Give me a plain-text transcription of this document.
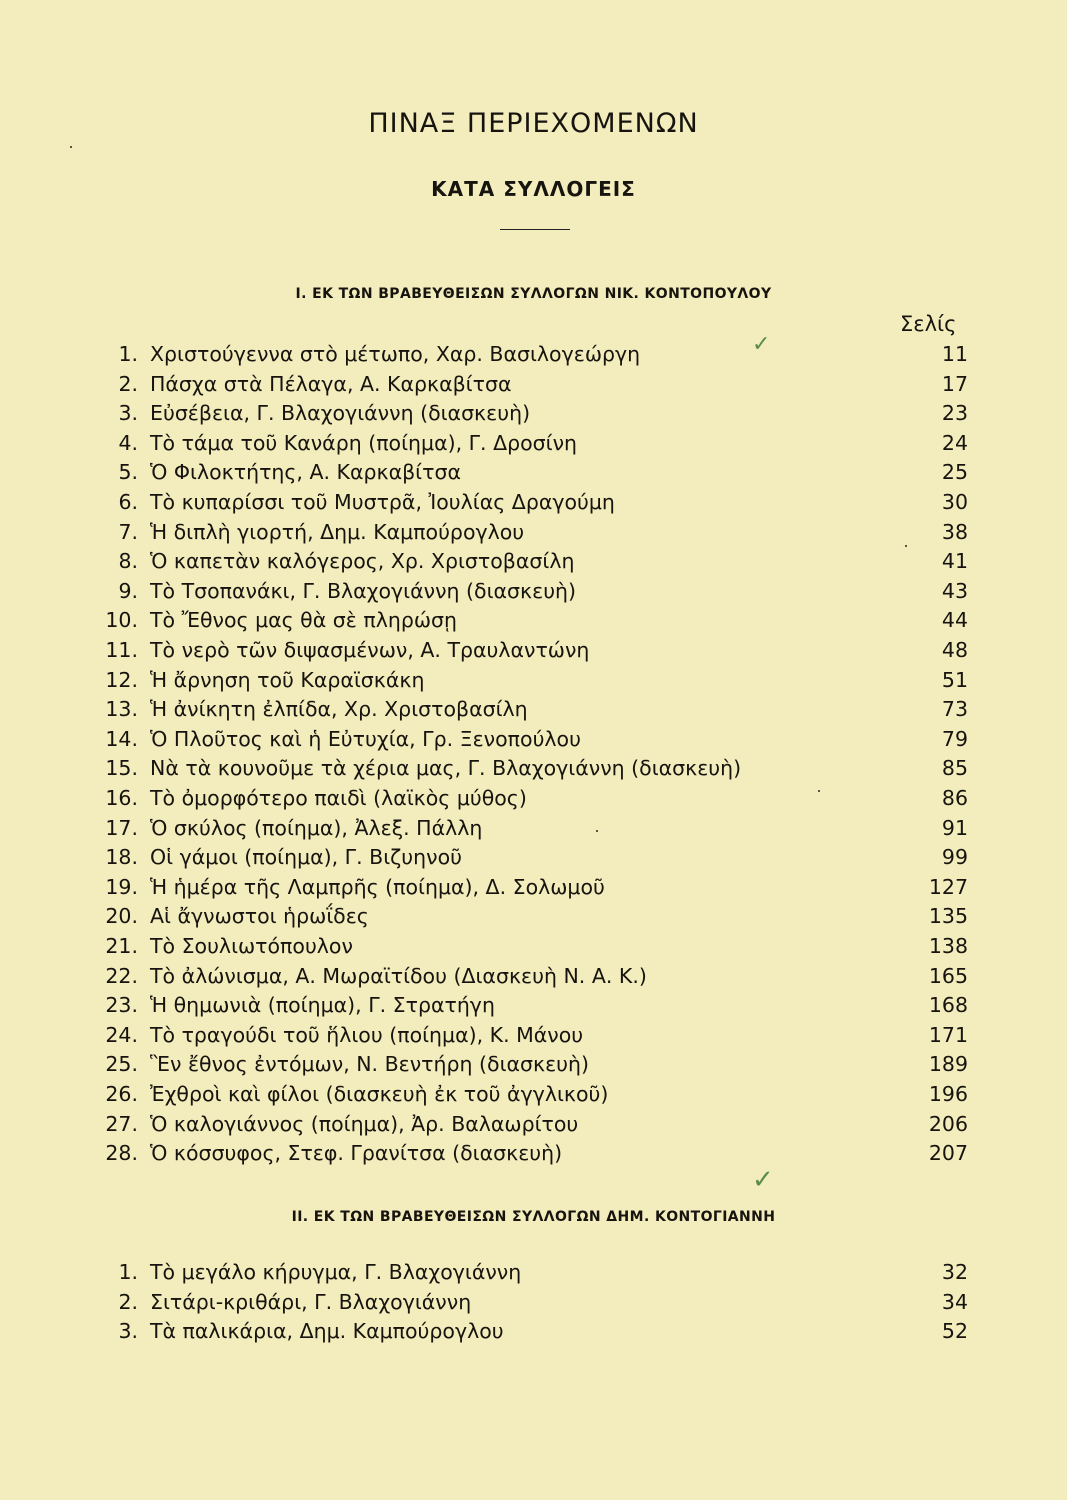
ΠΙΝΑΞ ΠΕΡΙΕΧΟΜΕΝΩΝ
ΚΑΤΑ ΣΥΛΛΟΓΕΙΣ
Ι. ΕΚ ΤΩΝ ΒΡΑΒΕΥΘΕΙΣΩΝ ΣΥΛΛΟΓΩΝ ΝΙΚ. ΚΟΝΤΟΠΟΥΛΟΥ
Σελίς
1. Χριστούγεννα στὸ μέτωπο, Χαρ. Βασιλογεώργη	11
2. Πάσχα στὰ Πέλαγα, Α. Καρκαβίτσα	17
3. Εὐσέβεια, Γ. Βλαχογιάννη (διασκευὴ)	23
4. Τὸ τάμα τοῦ Κανάρη (ποίημα), Γ. Δροσίνη	24
5. Ὁ Φιλοκτήτης, Α. Καρκαβίτσα	25
6. Τὸ κυπαρίσσι τοῦ Μυστρᾶ, Ἰουλίας Δραγούμη	30
7. Ἡ διπλὴ γιορτή, Δημ. Καμπούρογλου	38
8. Ὁ καπετὰν καλόγερος, Χρ. Χριστοβασίλη	41
9. Τὸ Τσοπανάκι, Γ. Βλαχογιάννη (διασκευὴ)	43
10. Τὸ Ἔθνος μας θὰ σὲ πληρώσῃ	44
11. Τὸ νερὸ τῶν διψασμένων, Α. Τραυλαντώνη	48
12. Ἡ ἄρνηση τοῦ Καραϊσκάκη	51
13. Ἡ ἀνίκητη ἐλπίδα, Χρ. Χριστοβασίλη	73
14. Ὁ Πλοῦτος καὶ ἡ Εὐτυχία, Γρ. Ξενοπούλου	79
15. Νὰ τὰ κουνοῦμε τὰ χέρια μας, Γ. Βλαχογιάννη (διασκευὴ)	85
16. Τὸ ὀμορφότερο παιδὶ (λαϊκὸς μύθος)	86
17. Ὁ σκύλος (ποίημα), Ἀλεξ. Πάλλη	91
18. Οἱ γάμοι (ποίημα), Γ. Βιζυηνοῦ	99
19. Ἡ ἡμέρα τῆς Λαμπρῆς (ποίημα), Δ. Σολωμοῦ	127
20. Αἱ ἄγνωστοι ἡρωΐδες	135
21. Τὸ Σουλιωτόπουλον	138
22. Τὸ ἀλώνισμα, Α. Μωραϊτίδου (Διασκευὴ Ν. Α. Κ.)	165
23. Ἡ θημωνιὰ (ποίημα), Γ. Στρατήγη	168
24. Τὸ τραγούδι τοῦ ἥλιου (ποίημα), Κ. Μάνου	171
25. Ἓν ἔθνος ἐντόμων, Ν. Βεντήρη (διασκευὴ)	189
26. Ἐχθροὶ καὶ φίλοι (διασκευὴ ἐκ τοῦ ἀγγλικοῦ)	196
27. Ὁ καλογιάννος (ποίημα), Ἀρ. Βαλαωρίτου	206
28. Ὁ κόσσυφος, Στεφ. Γρανίτσα (διασκευὴ)	207
ΙΙ. ΕΚ ΤΩΝ ΒΡΑΒΕΥΘΕΙΣΩΝ ΣΥΛΛΟΓΩΝ ΔΗΜ. ΚΟΝΤΟΓΙΑΝΝΗ
1. Τὸ μεγάλο κήρυγμα, Γ. Βλαχογιάννη	32
2. Σιτάρι-κριθάρι, Γ. Βλαχογιάννη	34
3. Τὰ παλικάρια, Δημ. Καμπούρογλου	52
✓
✓
